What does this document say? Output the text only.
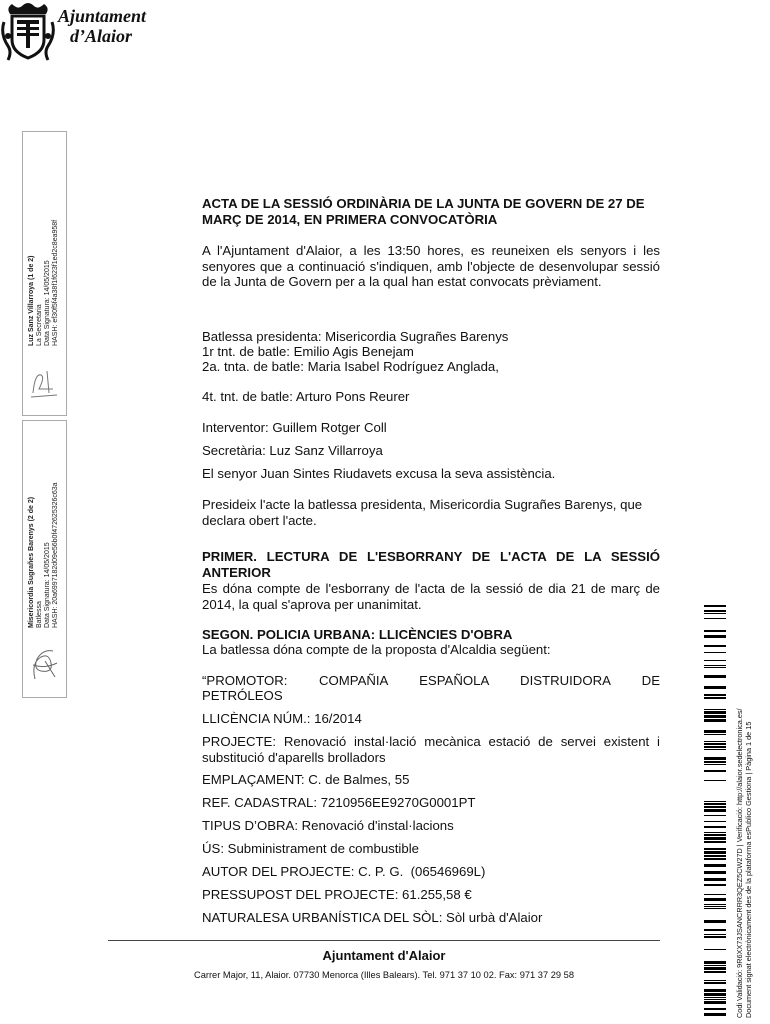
Ajuntament
d’Alaior
Luz Sanz Villarroya (1 de 2) La Secretaria Data Signatura: 14/05/2015 HASH: ef30f5f4a38f1f623f1ed2c8ea958f
Misericordia Sugrañes Barenys (2 de 2) Batlessa Data Signatura: 14/05/2015 HASH: 20a6997182d09e56b0f472625326c63a
Codi Validació: 9R6XX73JSANCRRR3QEZ5CW27D | Verificació: http://alaior.sedelectronica.es/ Document signat electrònicament des de la plataforma esPublico Gestiona | Pàgina 1 de 15
ACTA DE LA SESSIÓ ORDINÀRIA DE LA JUNTA DE GOVERN DE 27 DE MARÇ DE 2014, EN PRIMERA CONVOCATÒRIA
A l'Ajuntament d'Alaior, a les 13:50 hores, es reuneixen els senyors i les senyores que a continuació s'indiquen, amb l'objecte de desenvolupar sessió de la Junta de Govern per a la qual han estat convocats prèviament.
Batlessa presidenta: Misericordia Sugrañes Barenys
1r tnt. de batle: Emilio Agis Benejam
2a. tnta. de batle: Maria Isabel Rodríguez Anglada,
4t. tnt. de batle: Arturo Pons Reurer
Interventor: Guillem Rotger Coll
Secretària: Luz Sanz Villarroya
El senyor Juan Sintes Riudavets excusa la seva assistència.
Presideix l'acte la batlessa presidenta, Misericordia Sugrañes Barenys, que declara obert l'acte.
PRIMER. LECTURA DE L'ESBORRANY DE L'ACTA DE LA SESSIÓ ANTERIOR
Es dóna compte de l'esborrany de l'acta de la sessió de dia 21 de març de 2014, la qual s'aprova per unanimitat.
SEGON. POLICIA URBANA: LLICÈNCIES D'OBRA
La batlessa dóna compte de la proposta d'Alcaldia següent:
“PROMOTOR: COMPAÑIA ESPAÑOLA DISTRUIDORA DE
PETRÓLEOS
LLICÈNCIA NÚM.: 16/2014
PROJECTE: Renovació instal·lació mecànica estació de servei existent i substitució d'aparells brolladors
EMPLAÇAMENT: C. de Balmes, 55
REF. CADASTRAL: 7210956EE9270G0001PT
TIPUS D’OBRA: Renovació d'instal·lacions
ÚS: Subministrament de combustible
AUTOR DEL PROJECTE: C. P. G.  (06546969L)
PRESSUPOST DEL PROJECTE: 61.255,58 €
NATURALESA URBANÍSTICA DEL SÒL: Sòl urbà d'Alaior
Ajuntament d'Alaior
Carrer Major, 11, Alaior. 07730 Menorca (Illes Balears). Tel. 971 37 10 02. Fax: 971 37 29 58
